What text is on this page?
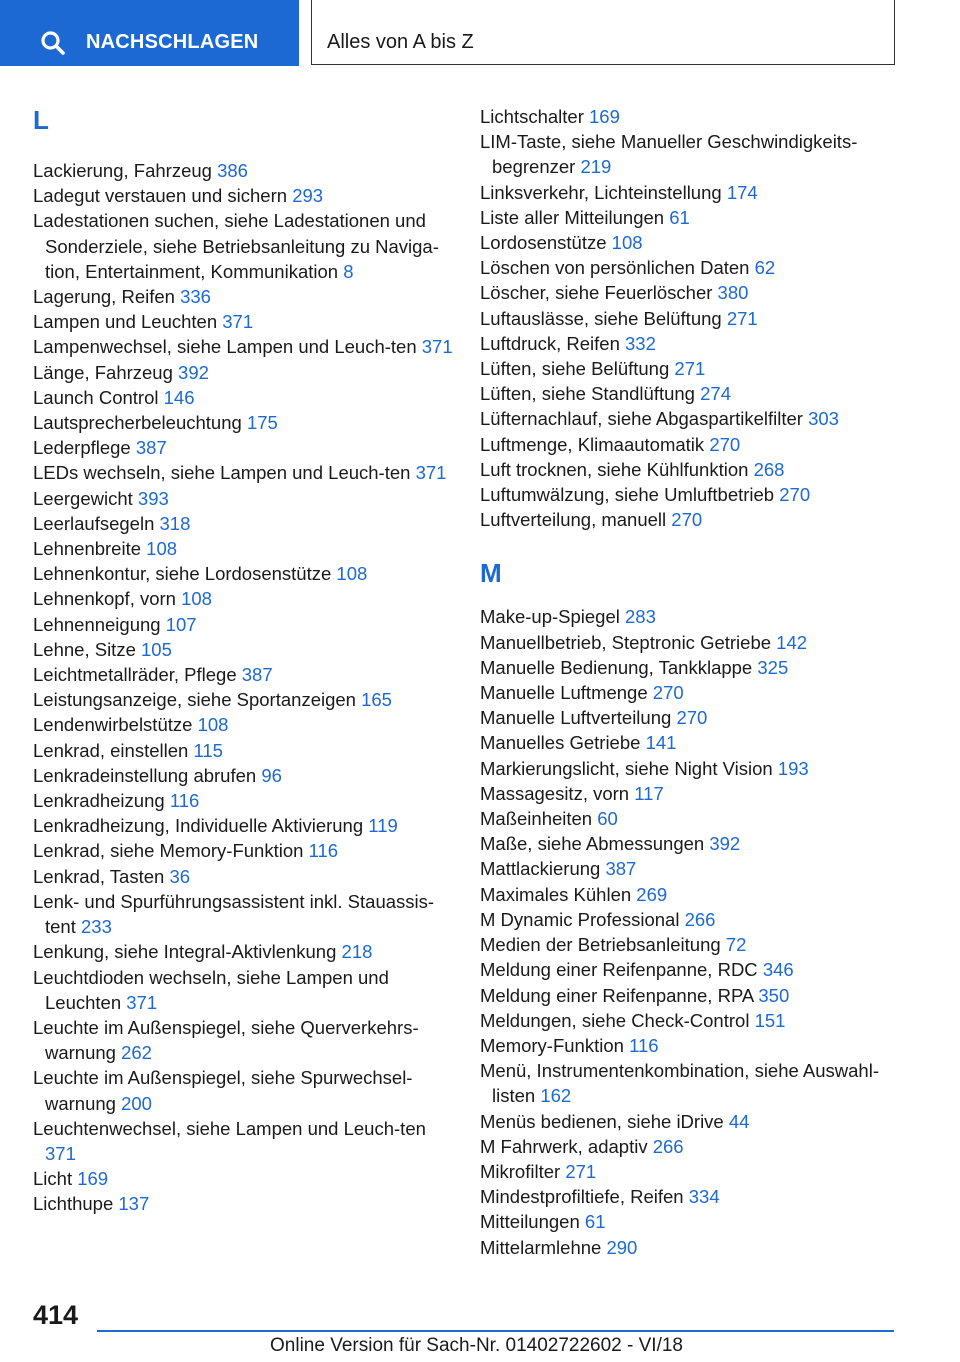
NACHSCHLAGEN	Alles von A bis Z
L
Lackierung, Fahrzeug 386
Ladegut verstauen und sichern 293
Ladestationen suchen, siehe Ladestationen und Sonderziele, siehe Betriebsanleitung zu Naviga-tion, Entertainment, Kommunikation 8
Lagerung, Reifen 336
Lampen und Leuchten 371
Lampenwechsel, siehe Lampen und Leuch-ten 371
Länge, Fahrzeug 392
Launch Control 146
Lautsprecherbeleuchtung 175
Lederpflege 387
LEDs wechseln, siehe Lampen und Leuch-ten 371
Leergewicht 393
Leerlaufsegeln 318
Lehnenbreite 108
Lehnenkontur, siehe Lordosenstütze 108
Lehnenkopf, vorn 108
Lehnenneigung 107
Lehne, Sitze 105
Leichtmetallräder, Pflege 387
Leistungsanzeige, siehe Sportanzeigen 165
Lendenwirbelstütze 108
Lenkrad, einstellen 115
Lenkradeinstellung abrufen 96
Lenkradheizung 116
Lenkradheizung, Individuelle Aktivierung 119
Lenkrad, siehe Memory-Funktion 116
Lenkrad, Tasten 36
Lenk- und Spurführungsassistent inkl. Stauassis-tent 233
Lenkung, siehe Integral-Aktivlenkung 218
Leuchtdioden wechseln, siehe Lampen und Leuchten 371
Leuchte im Außenspiegel, siehe Querverkehrs-warnung 262
Leuchte im Außenspiegel, siehe Spurwechsel-warnung 200
Leuchtenwechsel, siehe Lampen und Leuch-ten 371
Licht 169
Lichthupe 137
Lichtschalter 169
LIM-Taste, siehe Manueller Geschwindigkeits-begrenzer 219
Linksverkehr, Lichteinstellung 174
Liste aller Mitteilungen 61
Lordosenstütze 108
Löschen von persönlichen Daten 62
Löscher, siehe Feuerlöscher 380
Luftauslässe, siehe Belüftung 271
Luftdruck, Reifen 332
Lüften, siehe Belüftung 271
Lüften, siehe Standlüftung 274
Lüfternachlauf, siehe Abgaspartikelfilter 303
Luftmenge, Klimaautomatik 270
Luft trocknen, siehe Kühlfunktion 268
Luftumwälzung, siehe Umluftbetrieb 270
Luftverteilung, manuell 270
M
Make-up-Spiegel 283
Manuellbetrieb, Steptronic Getriebe 142
Manuelle Bedienung, Tankklappe 325
Manuelle Luftmenge 270
Manuelle Luftverteilung 270
Manuelles Getriebe 141
Markierungslicht, siehe Night Vision 193
Massagesitz, vorn 117
Maßeinheiten 60
Maße, siehe Abmessungen 392
Mattlackierung 387
Maximales Kühlen 269
M Dynamic Professional 266
Medien der Betriebsanleitung 72
Meldung einer Reifenpanne, RDC 346
Meldung einer Reifenpanne, RPA 350
Meldungen, siehe Check-Control 151
Memory-Funktion 116
Menü, Instrumentenkombination, siehe Auswahl-listen 162
Menüs bedienen, siehe iDrive 44
M Fahrwerk, adaptiv 266
Mikrofilter 271
Mindestprofiltiefe, Reifen 334
Mitteilungen 61
Mittelarmlehne 290
414
Online Version für Sach-Nr. 01402722602 - VI/18
